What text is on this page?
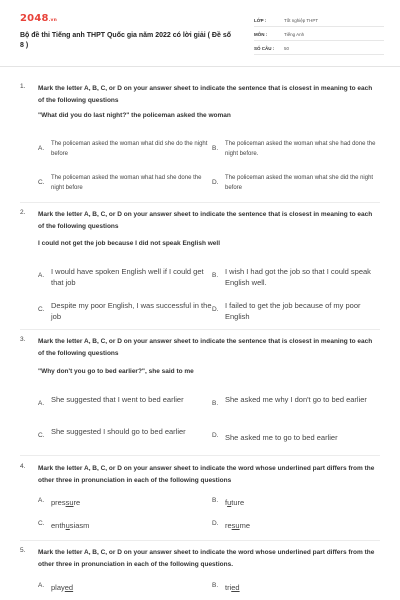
2048.vn
Bộ đề thi Tiếng anh THPT Quốc gia năm 2022 có lời giải ( Đề số 8 )
LỚP :	Tốt nghiệp THPT
MÔN :	Tiếng Anh
SỐ CÂU : 50
1. Mark the letter A, B, C, or D on your answer sheet to indicate the sentence that is closest in meaning to each of the following questions
"What did you do last night?" the policeman asked the woman
A.
The policeman asked the woman what did she do the night before
B.
The policeman asked the woman what she had done the night before.
C.
The policeman asked the woman what had she done the night before
D.
The policeman asked the woman what she did the night before
2. Mark the letter A, B, C, or D on your answer sheet to indicate the sentence that is closest in meaning to each of the following questions
I could not get the job because I did not speak English well
A. I would have spoken English well if I could get that job
B. I wish I had got the job so that I could speak English well.
C. Despite my poor English, I was successful in the job
D. I failed to get the job because of my poor English
3. Mark the letter A, B, C, or D on your answer sheet to indicate the sentence that is closest in meaning to each of the following questions
"Why don't you go to bed earlier?", she said to me
A. She suggested that I went to bed earlier	B. She asked me why I don't go to bed earlier
C. She suggested I should go to bed earlier	D. She asked me to go to bed earlier
4. Mark the letter A, B, C, or D on your answer sheet to indicate the word whose underlined part differs from the other three in pronunciation in each of the following questions
A. pressure	B. future
C. enthusiasm	D. resume
5. Mark the letter A, B, C, or D on your answer sheet to indicate the word whose underlined part differs from the other three in pronunciation in each of the following questions.
A. played	B. tried
